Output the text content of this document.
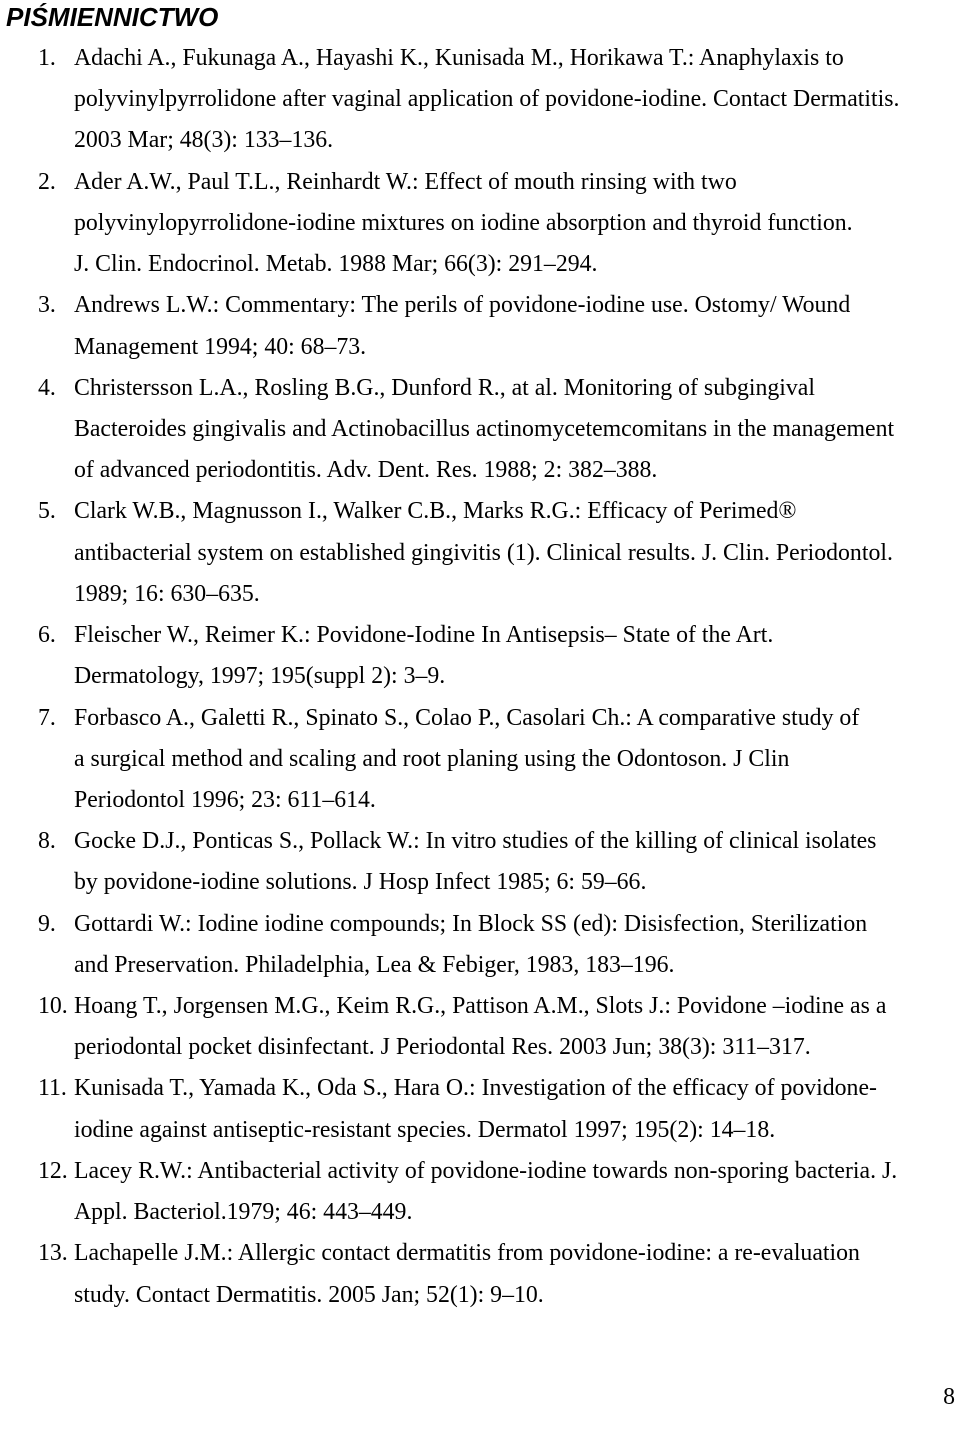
PIŚMIENNICTWO
1. Adachi A., Fukunaga A., Hayashi K., Kunisada M., Horikawa T.: Anaphylaxis to
polyvinylpyrrolidone after vaginal application of povidone-iodine. Contact Dermatitis.
2003 Mar; 48(3): 133–136.
2. Ader A.W., Paul T.L., Reinhardt W.: Effect of mouth rinsing with two
polyvinylopyrrolidone-iodine mixtures on iodine absorption and thyroid function.
J. Clin. Endocrinol. Metab. 1988 Mar; 66(3): 291–294.
3. Andrews L.W.: Commentary: The perils of povidone-iodine use. Ostomy/ Wound
Management 1994; 40: 68–73.
4. Christersson L.A., Rosling B.G., Dunford R., at al. Monitoring of subgingival
Bacteroides gingivalis and Actinobacillus actinomycetemcomitans in the management
of advanced periodontitis. Adv. Dent. Res. 1988; 2: 382–388.
5. Clark W.B., Magnusson I., Walker C.B., Marks R.G.: Efficacy of Perimed®
antibacterial system on established gingivitis (1). Clinical results. J. Clin. Periodontol.
1989; 16: 630–635.
6. Fleischer W., Reimer K.: Povidone-Iodine In Antisepsis– State of the Art.
Dermatology, 1997; 195(suppl 2): 3–9.
7. Forbasco A., Galetti R., Spinato S., Colao P., Casolari Ch.: A comparative study of
a surgical method and scaling and root planing using the Odontoson. J Clin
Periodontol 1996; 23: 611–614.
8. Gocke D.J., Ponticas S., Pollack W.: In vitro studies of the killing of clinical isolates
by povidone-iodine solutions. J Hosp Infect 1985; 6: 59–66.
9. Gottardi W.: Iodine iodine compounds; In Block SS (ed): Disisfection, Sterilization
and Preservation. Philadelphia, Lea & Febiger, 1983, 183–196.
10. Hoang T., Jorgensen M.G., Keim R.G., Pattison A.M., Slots J.: Povidone –iodine as a
periodontal pocket disinfectant. J Periodontal Res. 2003 Jun; 38(3): 311–317.
11. Kunisada T., Yamada K., Oda S., Hara O.: Investigation of the efficacy of povidone-
iodine against antiseptic-resistant species. Dermatol 1997; 195(2): 14–18.
12. Lacey R.W.: Antibacterial activity of povidone-iodine towards non-sporing bacteria. J.
Appl. Bacteriol.1979; 46: 443–449.
13. Lachapelle J.M.: Allergic contact dermatitis from povidone-iodine: a re-evaluation
study. Contact Dermatitis. 2005 Jan; 52(1): 9–10.
8
